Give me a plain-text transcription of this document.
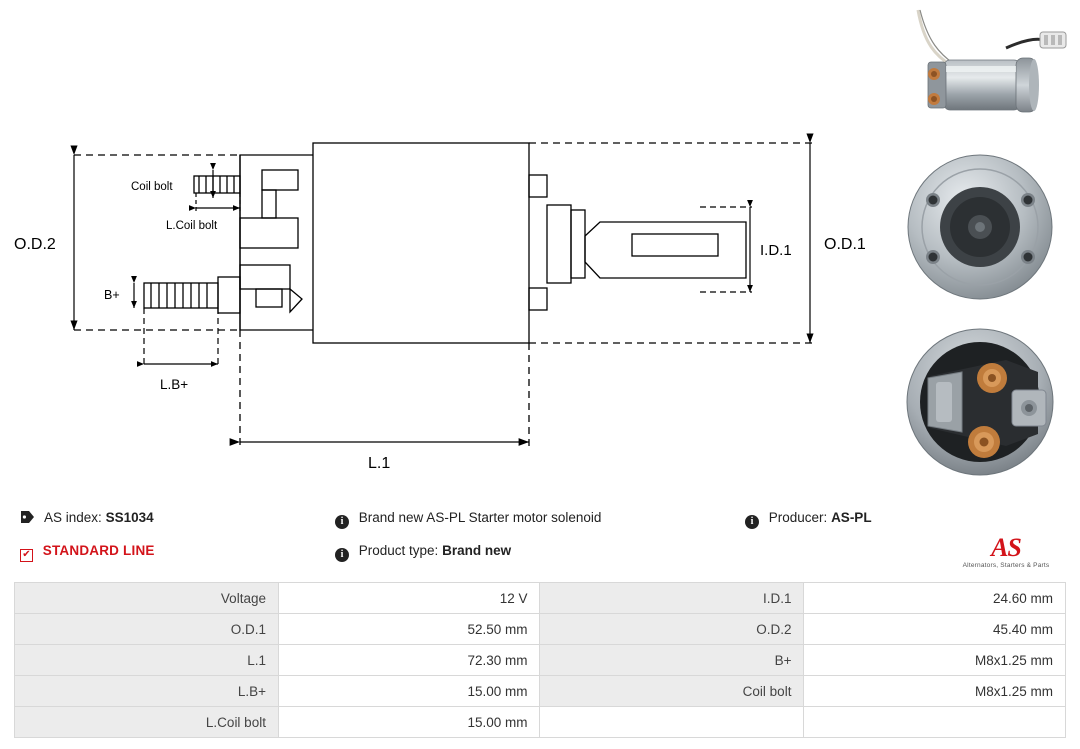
O.D.2	O.D.1
I.D.1
Coil bolt
L.Coil bolt
B+
L.B+
L.1
AS index: SS1034
✔ STANDARD LINE
i Brand new AS-PL Starter motor solenoid
i Product type: Brand new
i Producer: AS-PL
AS
Alternators, Starters & Parts
Voltage	12 V	I.D.1	24.60 mm
O.D.1	52.50 mm	O.D.2	45.40 mm
L.1	72.30 mm	B+	M8x1.25 mm
L.B+	15.00 mm	Coil bolt	M8x1.25 mm
L.Coil bolt	15.00 mm		
